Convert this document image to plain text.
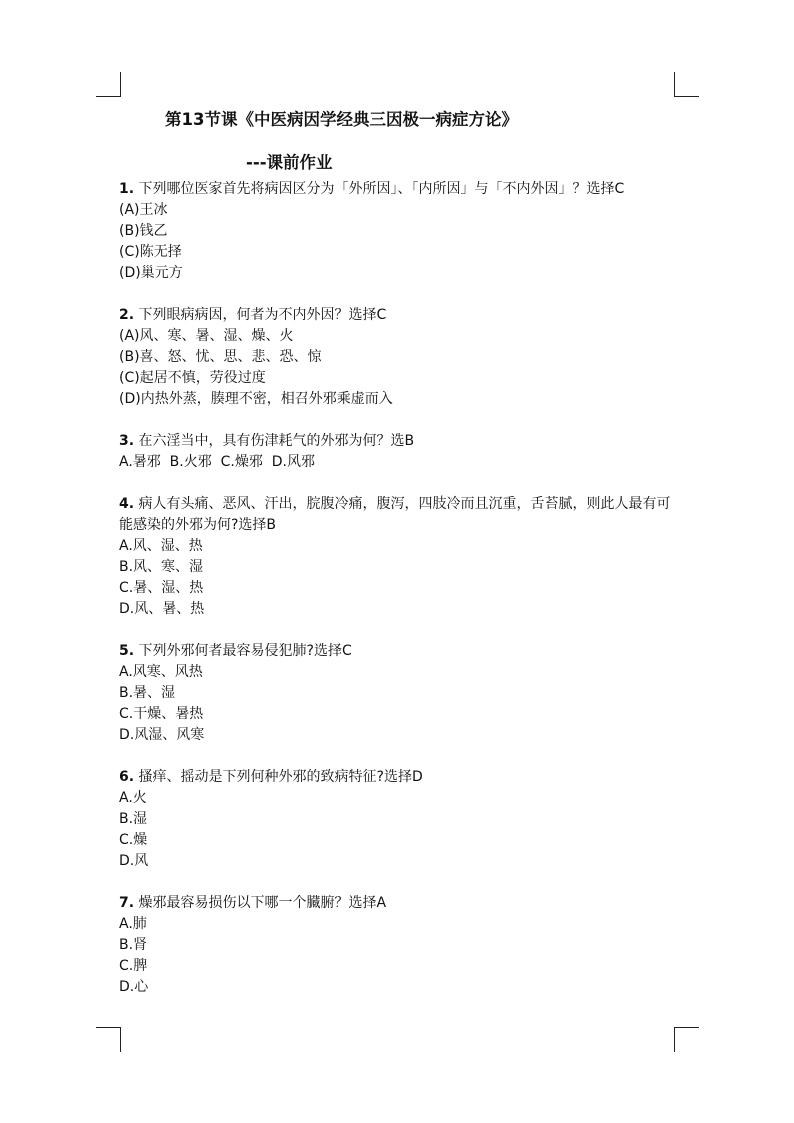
第13节课《中医病因学经典三因极一病症方论》
---课前作业
1. 下列哪位医家首先将病因区分为「外所因」、「内所因」与「不内外因」？选择C
(A)王冰
(B)钱乙
(C)陈无择
(D)巢元方
2. 下列眼病病因，何者为不内外因？选择C
(A)风、寒、暑、湿、燥、火
(B)喜、怒、忧、思、悲、恐、惊
(C)起居不慎，劳役过度
(D)内热外蒸，腠理不密，相召外邪乘虚而入
3. 在六淫当中，具有伤津耗气的外邪为何？选B
A.暑邪  B.火邪  C.燥邪  D.风邪
4. 病人有头痛、恶风、汗出，脘腹冷痛，腹泻，四肢冷而且沉重，舌苔腻，则此人最有可能感染的外邪为何?选择B
A.风、湿、热
B.风、寒、湿
C.暑、湿、热
D.风、暑、热
5. 下列外邪何者最容易侵犯肺?选择C
A.风寒、风热
B.暑、湿
C.干燥、暑热
D.风湿、风寒
6. 搔痒、摇动是下列何种外邪的致病特征?选择D
A.火
B.湿
C.燥
D.风
7. 燥邪最容易损伤以下哪一个臓腑？选择A
A.肺
B.肾
C.脾
D.心
